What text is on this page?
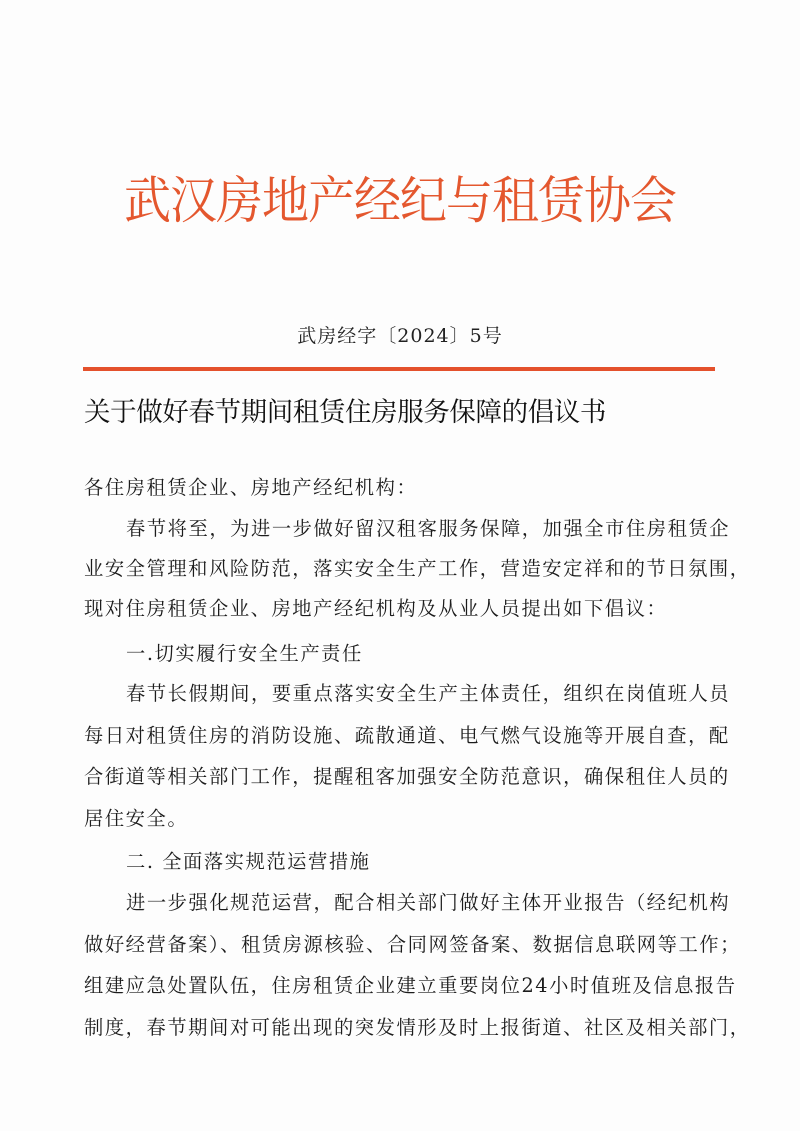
武汉房地产经纪与租赁协会
武房经字〔2024〕5号
关于做好春节期间租赁住房服务保障的倡议书
各住房租赁企业、房地产经纪机构：
春节将至，为进一步做好留汉租客服务保障，加强全市住房租赁企
业安全管理和风险防范，落实安全生产工作，营造安定祥和的节日氛围，
现对住房租赁企业、房地产经纪机构及从业人员提出如下倡议：
一.切实履行安全生产责任
春节长假期间，要重点落实安全生产主体责任，组织在岗值班人员
每日对租赁住房的消防设施、疏散通道、电气燃气设施等开展自查，配
合街道等相关部门工作，提醒租客加强安全防范意识，确保租住人员的
居住安全。
二. 全面落实规范运营措施
进一步强化规范运营，配合相关部门做好主体开业报告（经纪机构
做好经营备案）、租赁房源核验、合同网签备案、数据信息联网等工作；
组建应急处置队伍，住房租赁企业建立重要岗位24小时值班及信息报告
制度，春节期间对可能出现的突发情形及时上报街道、社区及相关部门，
